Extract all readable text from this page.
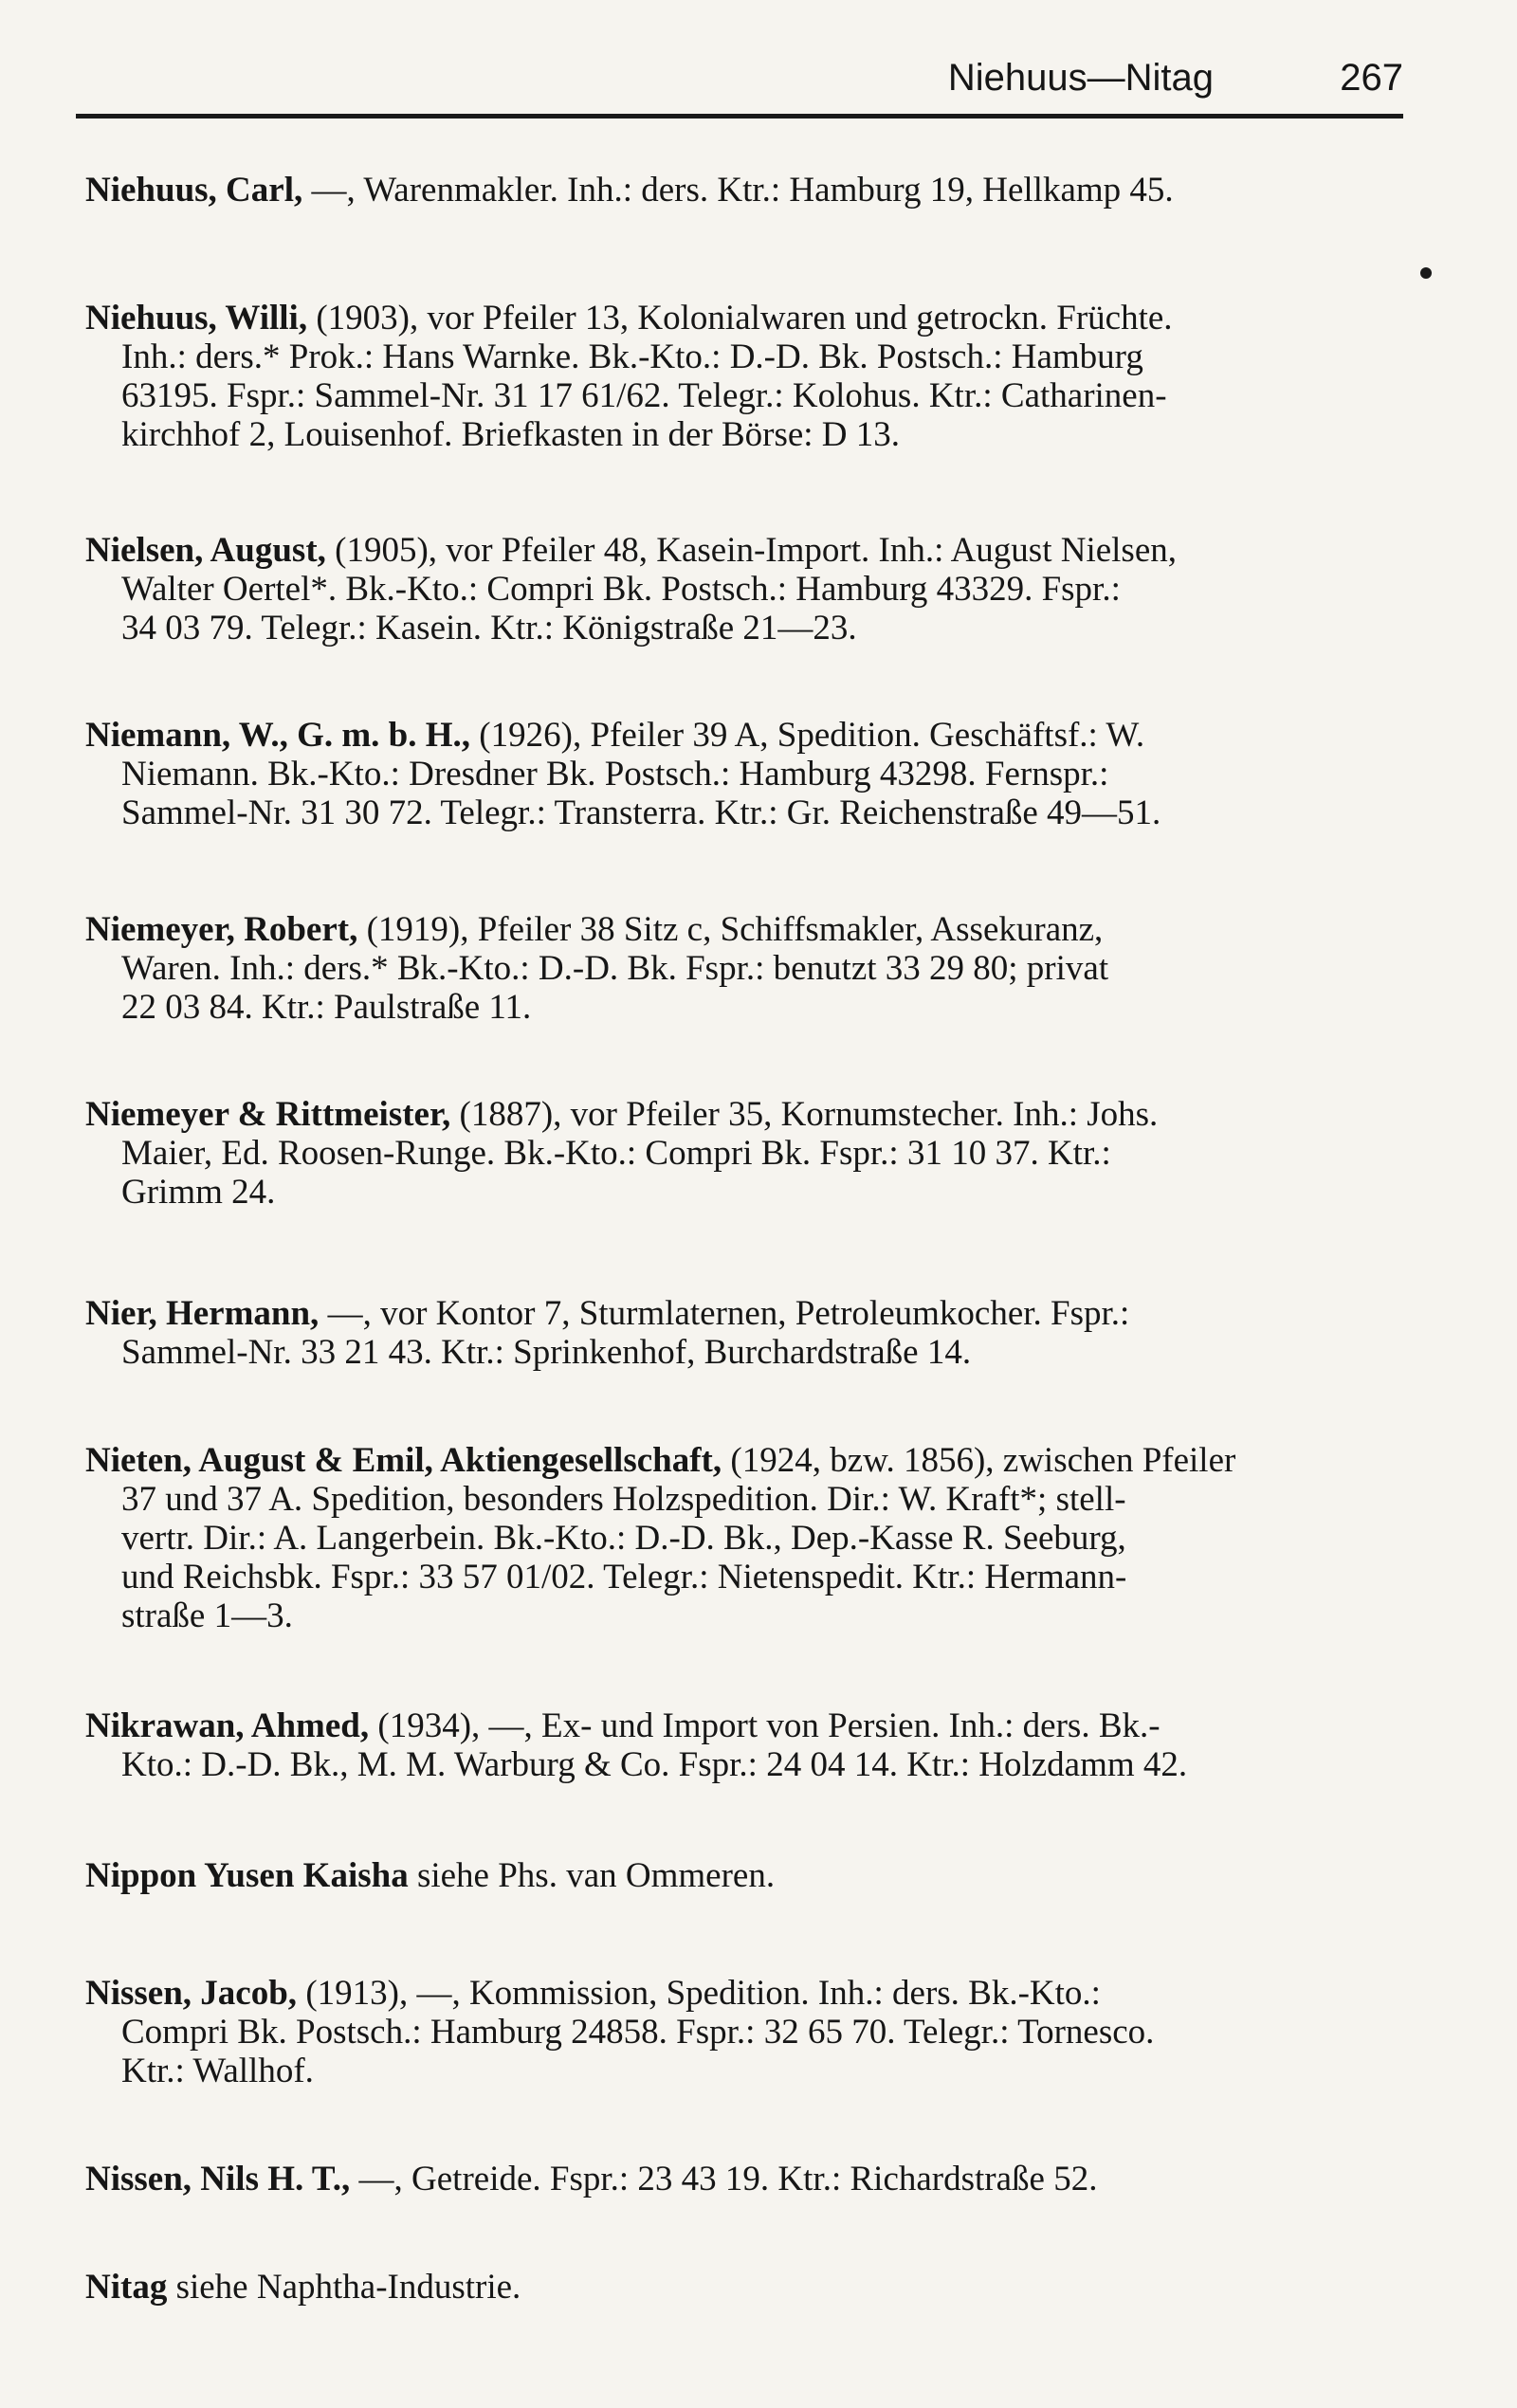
Niehuus—Nitag	267
Niehuus, Carl, —, Warenmakler. Inh.: ders. Ktr.: Hamburg 19, Hellkamp 45.
Niehuus, Willi, (1903), vor Pfeiler 13, Kolonialwaren und getrockn. Früchte.
Inh.: ders.* Prok.: Hans Warnke. Bk.-Kto.: D.-D. Bk. Postsch.: Hamburg
63195. Fspr.: Sammel-Nr. 31 17 61/62. Telegr.: Kolohus. Ktr.: Catharinen-
kirchhof 2, Louisenhof. Briefkasten in der Börse: D 13.
Nielsen, August, (1905), vor Pfeiler 48, Kasein-Import. Inh.: August Nielsen,
Walter Oertel*. Bk.-Kto.: Compri Bk. Postsch.: Hamburg 43329. Fspr.:
34 03 79. Telegr.: Kasein. Ktr.: Königstraße 21—23.
Niemann, W., G. m. b. H., (1926), Pfeiler 39 A, Spedition. Geschäftsf.: W.
Niemann. Bk.-Kto.: Dresdner Bk. Postsch.: Hamburg 43298. Fernspr.:
Sammel-Nr. 31 30 72. Telegr.: Transterra. Ktr.: Gr. Reichenstraße 49—51.
Niemeyer, Robert, (1919), Pfeiler 38 Sitz c, Schiffsmakler, Assekuranz,
Waren. Inh.: ders.* Bk.-Kto.: D.-D. Bk. Fspr.: benutzt 33 29 80; privat
22 03 84. Ktr.: Paulstraße 11.
Niemeyer & Rittmeister, (1887), vor Pfeiler 35, Kornumstecher. Inh.: Johs.
Maier, Ed. Roosen-Runge. Bk.-Kto.: Compri Bk. Fspr.: 31 10 37. Ktr.:
Grimm 24.
Nier, Hermann, —, vor Kontor 7, Sturmlaternen, Petroleumkocher. Fspr.:
Sammel-Nr. 33 21 43. Ktr.: Sprinkenhof, Burchardstraße 14.
Nieten, August & Emil, Aktiengesellschaft, (1924, bzw. 1856), zwischen Pfeiler
37 und 37 A. Spedition, besonders Holzspedition. Dir.: W. Kraft*; stell-
vertr. Dir.: A. Langerbein. Bk.-Kto.: D.-D. Bk., Dep.-Kasse R. Seeburg,
und Reichsbk. Fspr.: 33 57 01/02. Telegr.: Nietenspedit. Ktr.: Hermann-
straße 1—3.
Nikrawan, Ahmed, (1934), —, Ex- und Import von Persien. Inh.: ders. Bk.-
Kto.: D.-D. Bk., M. M. Warburg & Co. Fspr.: 24 04 14. Ktr.: Holzdamm 42.
Nippon Yusen Kaisha siehe Phs. van Ommeren.
Nissen, Jacob, (1913), —, Kommission, Spedition. Inh.: ders. Bk.-Kto.:
Compri Bk. Postsch.: Hamburg 24858. Fspr.: 32 65 70. Telegr.: Tornesco.
Ktr.: Wallhof.
Nissen, Nils H. T., —, Getreide. Fspr.: 23 43 19. Ktr.: Richardstraße 52.
Nitag siehe Naphtha-Industrie.
